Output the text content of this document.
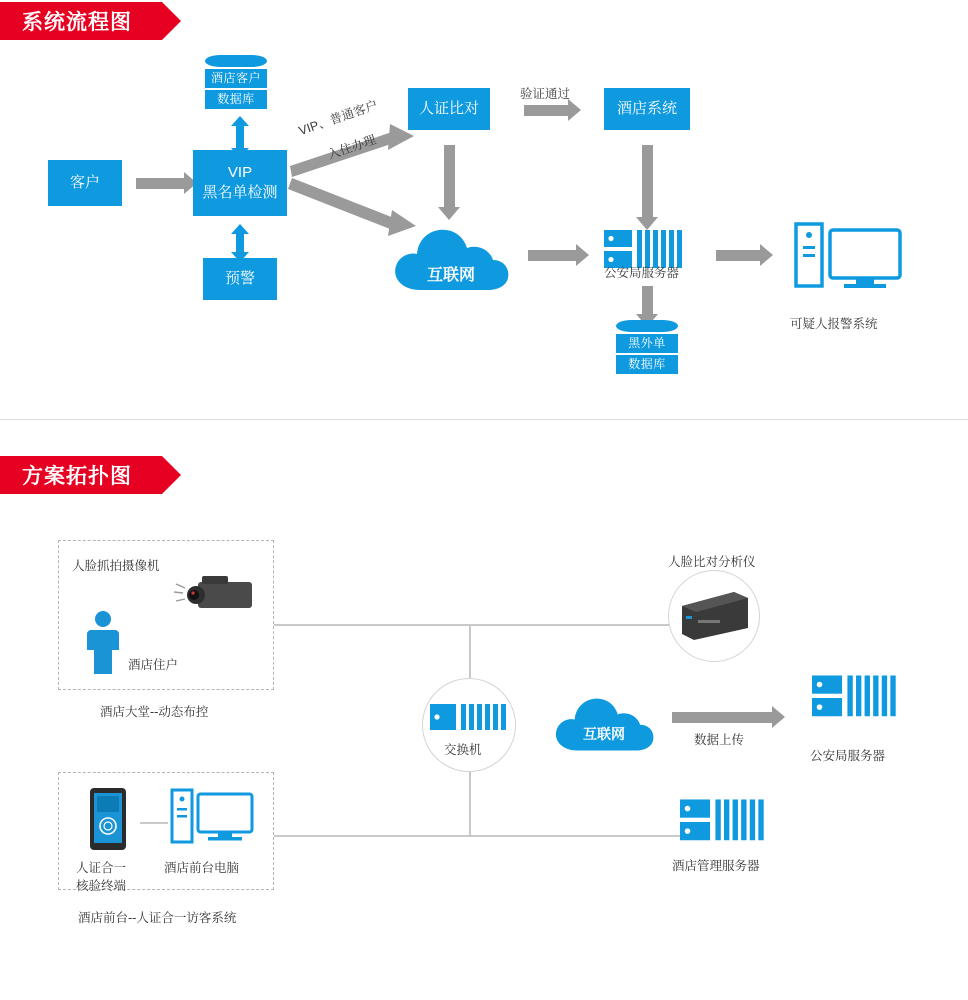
系统流程图
酒店客户
数据库
客户
VIP
黑名单检测
预警
VIP、普通客户
入住办理
人证比对
验证通过
酒店系统
互联网	公安局服务器
黑外单
数据库
可疑人报警系统
方案拓扑图
人脸抓拍摄像机
酒店住户
酒店大堂--动态布控
人证合一
核验终端
酒店前台电脑
酒店前台--人证合一访客系统
人脸比对分析仪
交换机
互联网	数据上传
公安局服务器
酒店管理服务器
